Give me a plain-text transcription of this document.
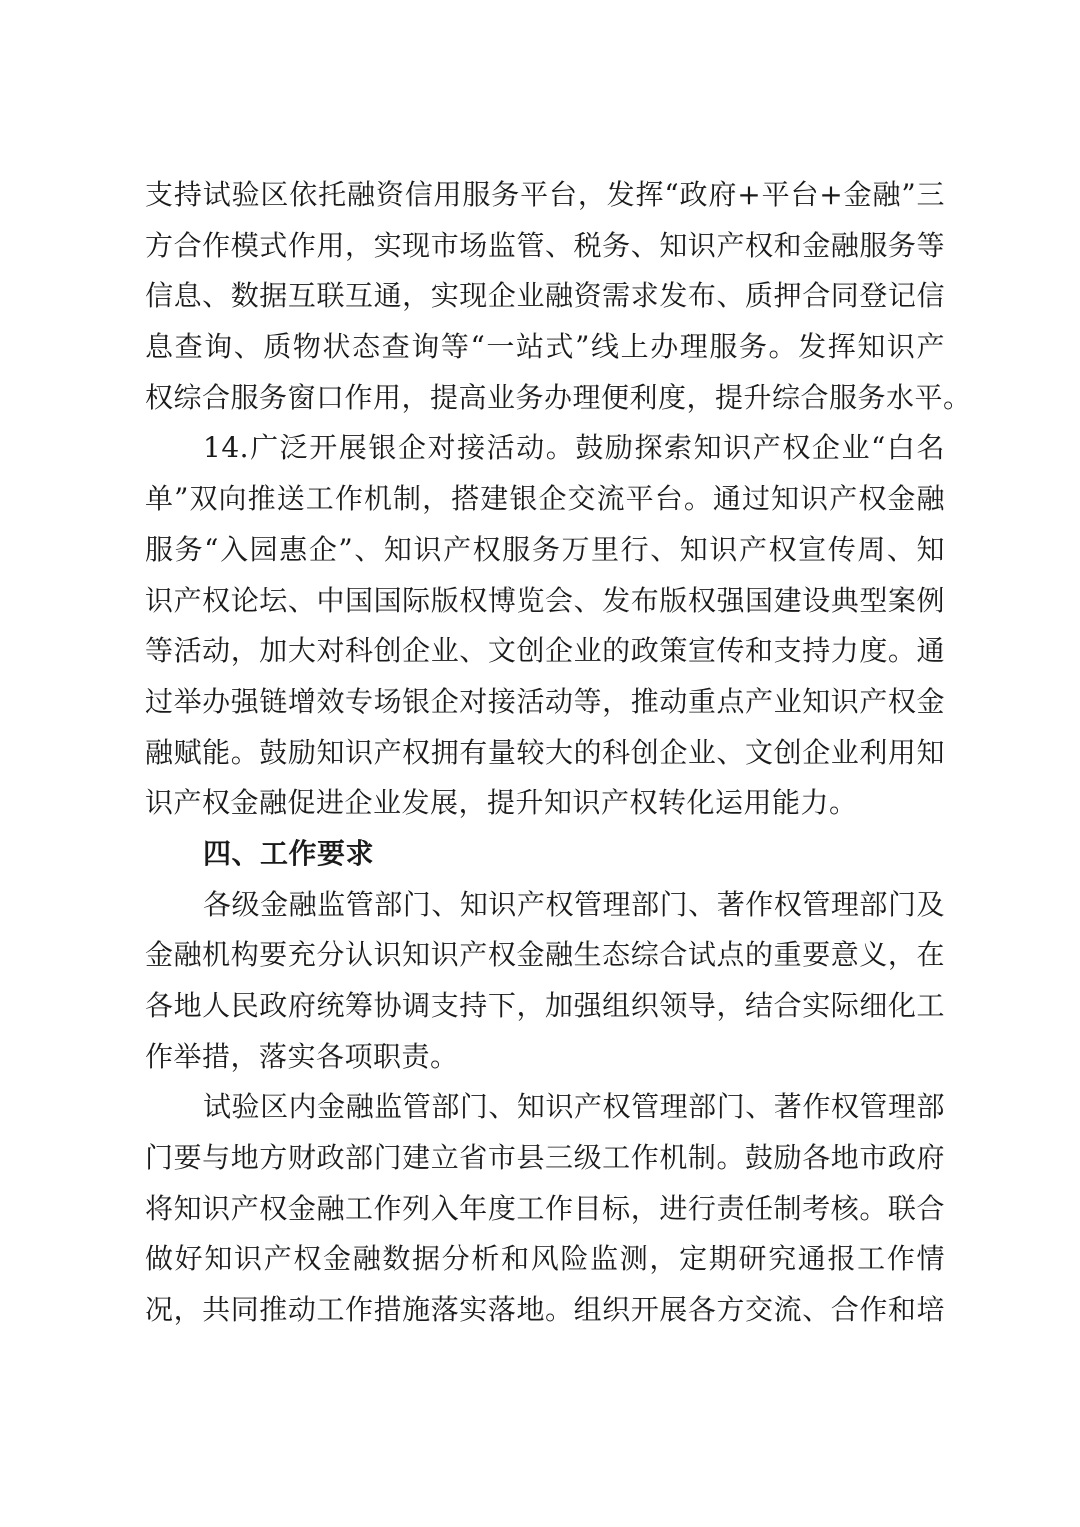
支持试验区依托融资信用服务平台，发挥“政府+平台+金融”三
方合作模式作用，实现市场监管、税务、知识产权和金融服务等
信息、数据互联互通，实现企业融资需求发布、质押合同登记信
息查询、质物状态查询等“一站式”线上办理服务。发挥知识产
权综合服务窗口作用，提高业务办理便利度，提升综合服务水平。
14.广泛开展银企对接活动。鼓励探索知识产权企业“白名
单”双向推送工作机制，搭建银企交流平台。通过知识产权金融
服务“入园惠企”、知识产权服务万里行、知识产权宣传周、知
识产权论坛、中国国际版权博览会、发布版权强国建设典型案例
等活动，加大对科创企业、文创企业的政策宣传和支持力度。通
过举办强链增效专场银企对接活动等，推动重点产业知识产权金
融赋能。鼓励知识产权拥有量较大的科创企业、文创企业利用知
识产权金融促进企业发展，提升知识产权转化运用能力。
四、工作要求
各级金融监管部门、知识产权管理部门、著作权管理部门及
金融机构要充分认识知识产权金融生态综合试点的重要意义，在
各地人民政府统筹协调支持下，加强组织领导，结合实际细化工
作举措，落实各项职责。
试验区内金融监管部门、知识产权管理部门、著作权管理部
门要与地方财政部门建立省市县三级工作机制。鼓励各地市政府
将知识产权金融工作列入年度工作目标，进行责任制考核。联合
做好知识产权金融数据分析和风险监测，定期研究通报工作情
况，共同推动工作措施落实落地。组织开展各方交流、合作和培
